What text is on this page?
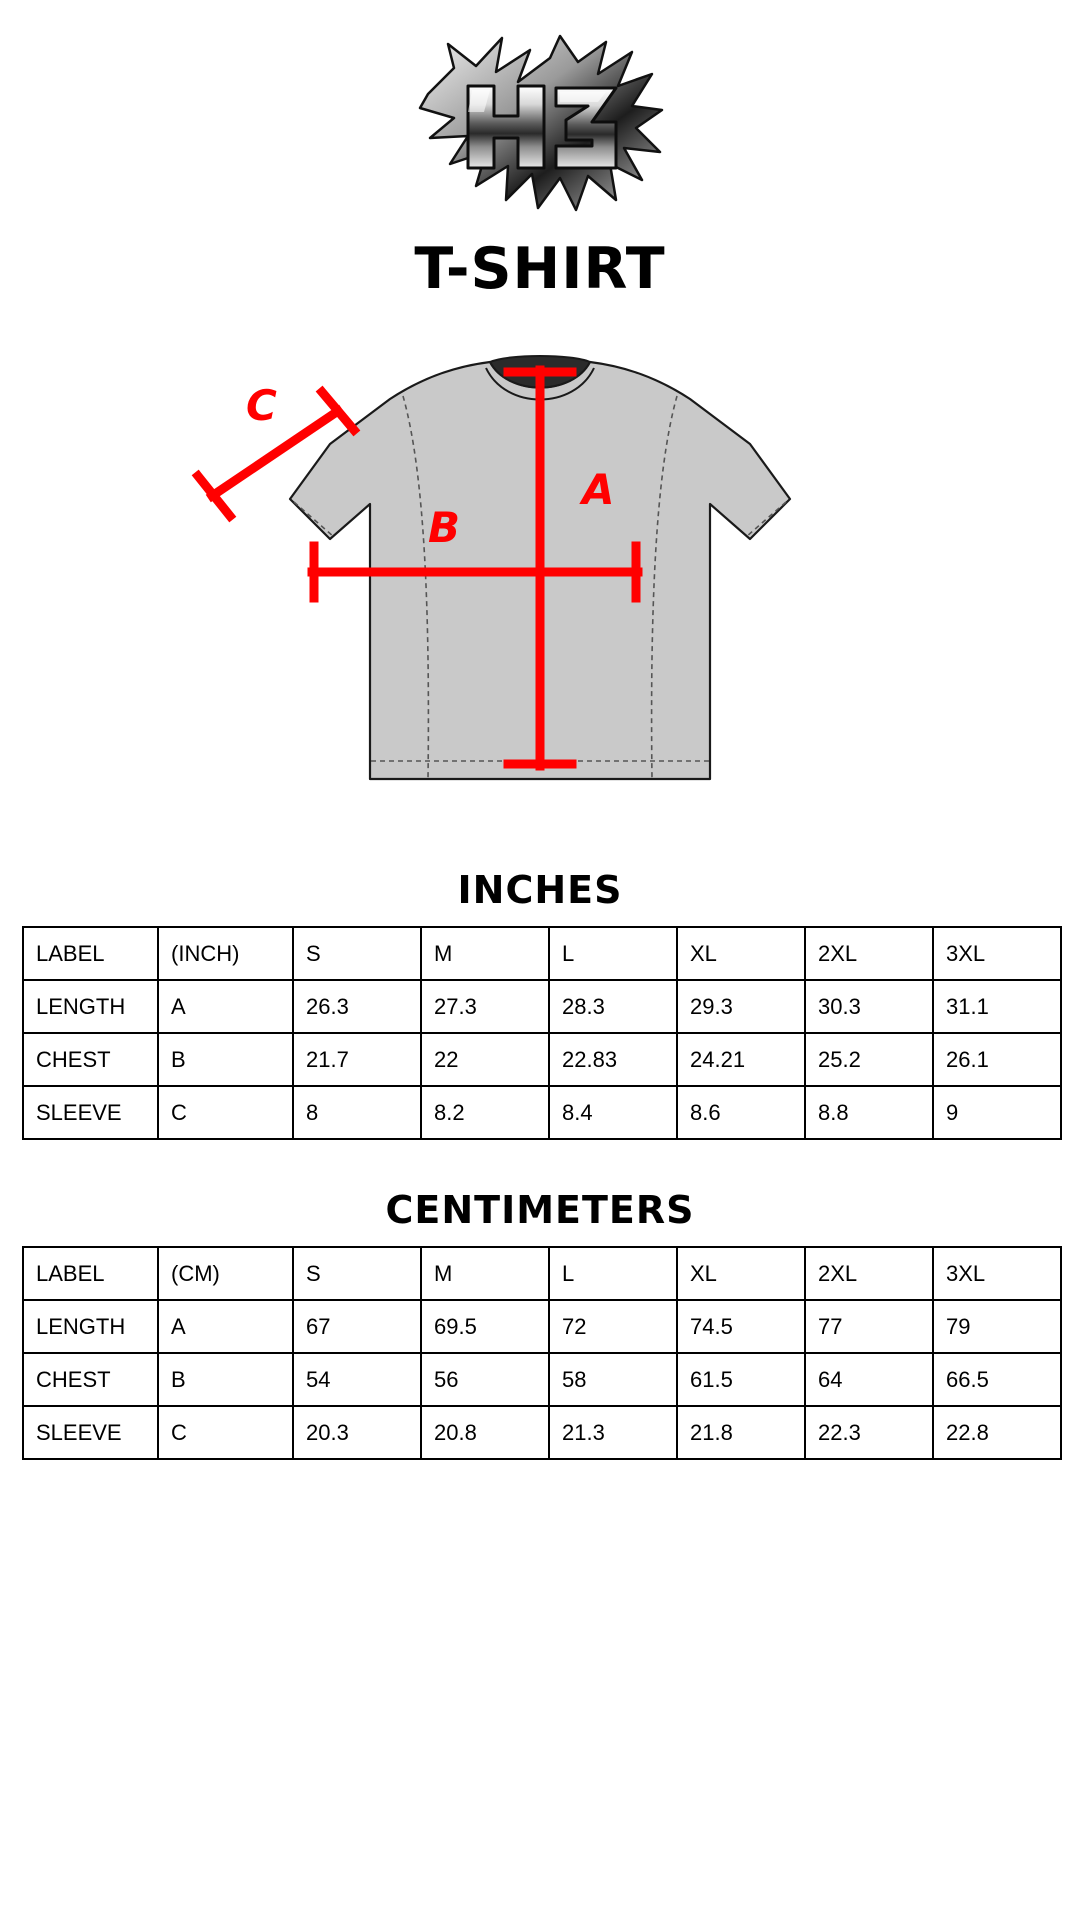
T-SHIRT
A
B
C
INCHES
LABEL	(INCH)	S	M	L	XL	2XL	3XL
LENGTH	A	26.3	27.3	28.3	29.3	30.3	31.1
CHEST	B	21.7	22	22.83	24.21	25.2	26.1
SLEEVE	C	8	8.2	8.4	8.6	8.8	9
CENTIMETERS
LABEL	(CM)	S	M	L	XL	2XL	3XL
LENGTH	A	67	69.5	72	74.5	77	79
CHEST	B	54	56	58	61.5	64	66.5
SLEEVE	C	20.3	20.8	21.3	21.8	22.3	22.8
